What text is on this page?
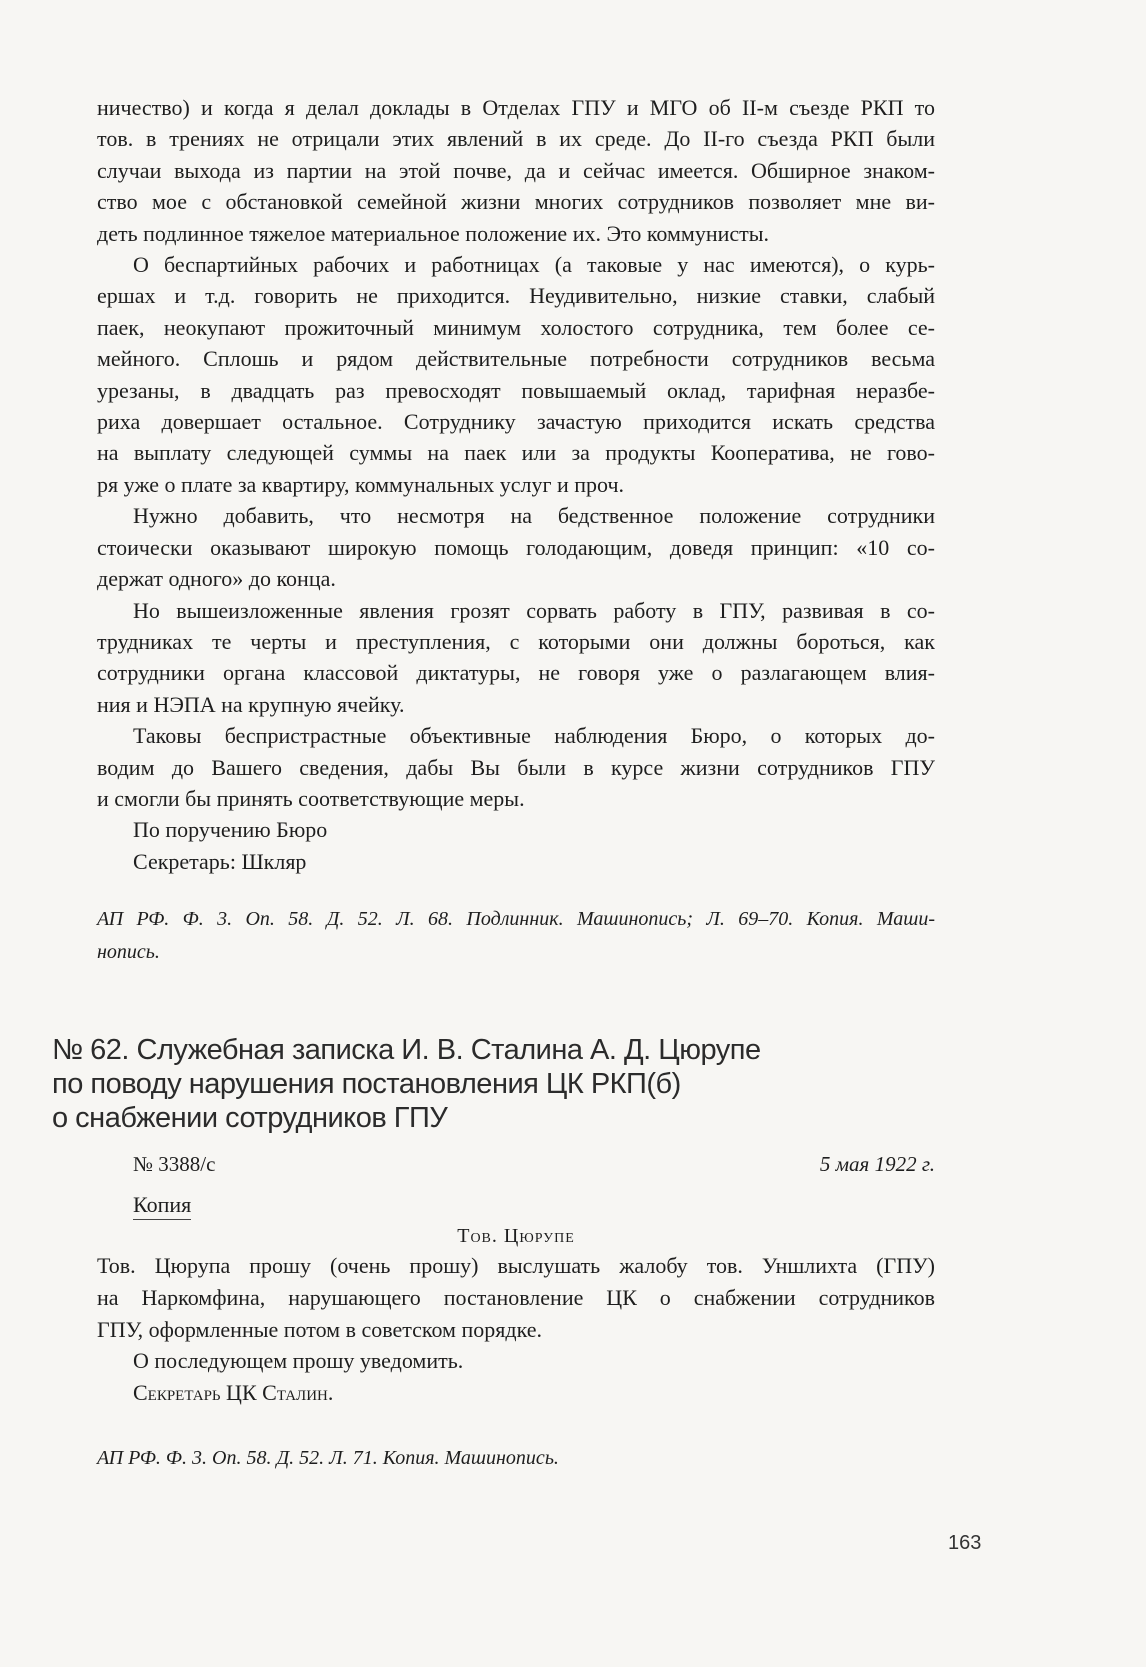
ничество) и когда я делал доклады в Отделах ГПУ и МГО об II-м съезде РКП то
тов. в трениях не отрицали этих явлений в их среде. До II-го съезда РКП были
случаи выхода из партии на этой почве, да и сейчас имеется. Обширное знаком-
ство мое с обстановкой семейной жизни многих сотрудников позволяет мне ви-
деть подлинное тяжелое материальное положение их. Это коммунисты.
О беспартийных рабочих и работницах (а таковые у нас имеются), о курь-
ершах и т.д. говорить не приходится. Неудивительно, низкие ставки, слабый
паек, неокупают прожиточный минимум холостого сотрудника, тем более се-
мейного. Сплошь и рядом действительные потребности сотрудников весьма
урезаны, в двадцать раз превосходят повышаемый оклад, тарифная неразбе-
риха довершает остальное. Сотруднику зачастую приходится искать средства
на выплату следующей суммы на паек или за продукты Кооператива, не гово-
ря уже о плате за квартиру, коммунальных услуг и проч.
Нужно добавить, что несмотря на бедственное положение сотрудники
стоически оказывают широкую помощь голодающим, доведя принцип: «10 со-
держат одного» до конца.
Но вышеизложенные явления грозят сорвать работу в ГПУ, развивая в со-
трудниках те черты и преступления, с которыми они должны бороться, как
сотрудники органа классовой диктатуры, не говоря уже о разлагающем влия-
ния и НЭПА на крупную ячейку.
Таковы беспристрастные объективные наблюдения Бюро, о которых до-
водим до Вашего сведения, дабы Вы были в курсе жизни сотрудников ГПУ
и смогли бы принять соответствующие меры.
По поручению Бюро
Секретарь: Шкляр
АП РФ. Ф. 3. Оп. 58. Д. 52. Л. 68. Подлинник. Машинопись; Л. 69–70. Копия. Маши-
нопись.
№ 62. Служебная записка И. В. Сталина А. Д. Цюрупе
по поводу нарушения постановления ЦК РКП(б)
о снабжении сотрудников ГПУ
№ 3388/с	5 мая 1922 г.
Копия
Тов. Цюрупе
Тов. Цюрупа прошу (очень прошу) выслушать жалобу тов. Уншлихта (ГПУ)
на Наркомфина, нарушающего постановление ЦК о снабжении сотрудников
ГПУ, оформленные потом в советском порядке.
О последующем прошу уведомить.
Секретарь ЦК Сталин.
АП РФ. Ф. 3. Оп. 58. Д. 52. Л. 71. Копия. Машинопись.
163
